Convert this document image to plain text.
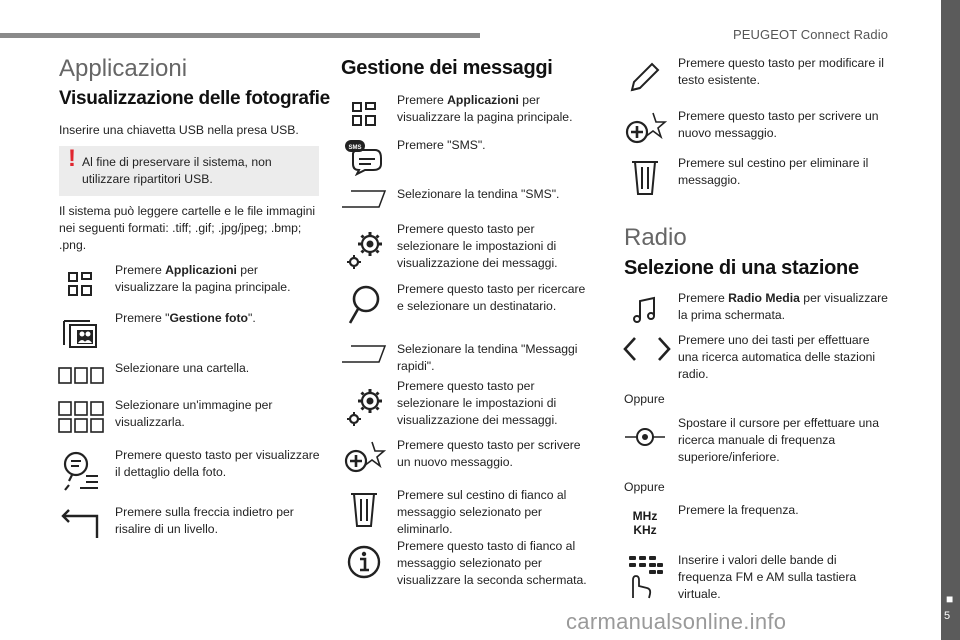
PEUGEOT Connect Radio
■
5
Applicazioni
Visualizzazione delle fotografie
Inserire una chiavetta USB nella presa USB.
! Al fine di preservare il sistema, non utilizzare ripartitori USB.
Il sistema può leggere cartelle e le file immagini nei seguenti formati: .tiff; .gif; .jpg/jpeg; .bmp; .png.
Premere Applicazioni per visualizzare la pagina principale.
Premere "Gestione foto".
Selezionare una cartella.
Selezionare un'immagine per visualizzarla.
Premere questo tasto per visualizzare il dettaglio della foto.
Premere sulla freccia indietro per risalire di un livello.
Gestione dei messaggi
Premere Applicazioni per visualizzare la pagina principale.
SMS	Premere "SMS".
Selezionare la tendina "SMS".
Premere questo tasto per selezionare le impostazioni di visualizzazione dei messaggi.
Premere questo tasto per ricercare e selezionare un destinatario.
Selezionare la tendina "Messaggi rapidi".
Premere questo tasto per selezionare le impostazioni di visualizzazione dei messaggi.
Premere questo tasto per scrivere un nuovo messaggio.
Premere sul cestino di fianco al messaggio selezionato per eliminarlo.
Premere questo tasto di fianco al messaggio selezionato per visualizzare la seconda schermata.
Premere questo tasto per modificare il testo esistente.
Premere questo tasto per scrivere un nuovo messaggio.
Premere sul cestino per eliminare il messaggio.
Radio
Selezione di una stazione
Premere Radio Media per visualizzare la prima schermata.
Premere uno dei tasti per effettuare una ricerca automatica delle stazioni radio.
Oppure
Spostare il cursore per effettuare una ricerca manuale di frequenza superiore/inferiore.
Oppure
MHz
KHz
Premere la frequenza.
Inserire i valori delle bande di frequenza FM e AM sulla tastiera virtuale.
carmanualsonline.info
